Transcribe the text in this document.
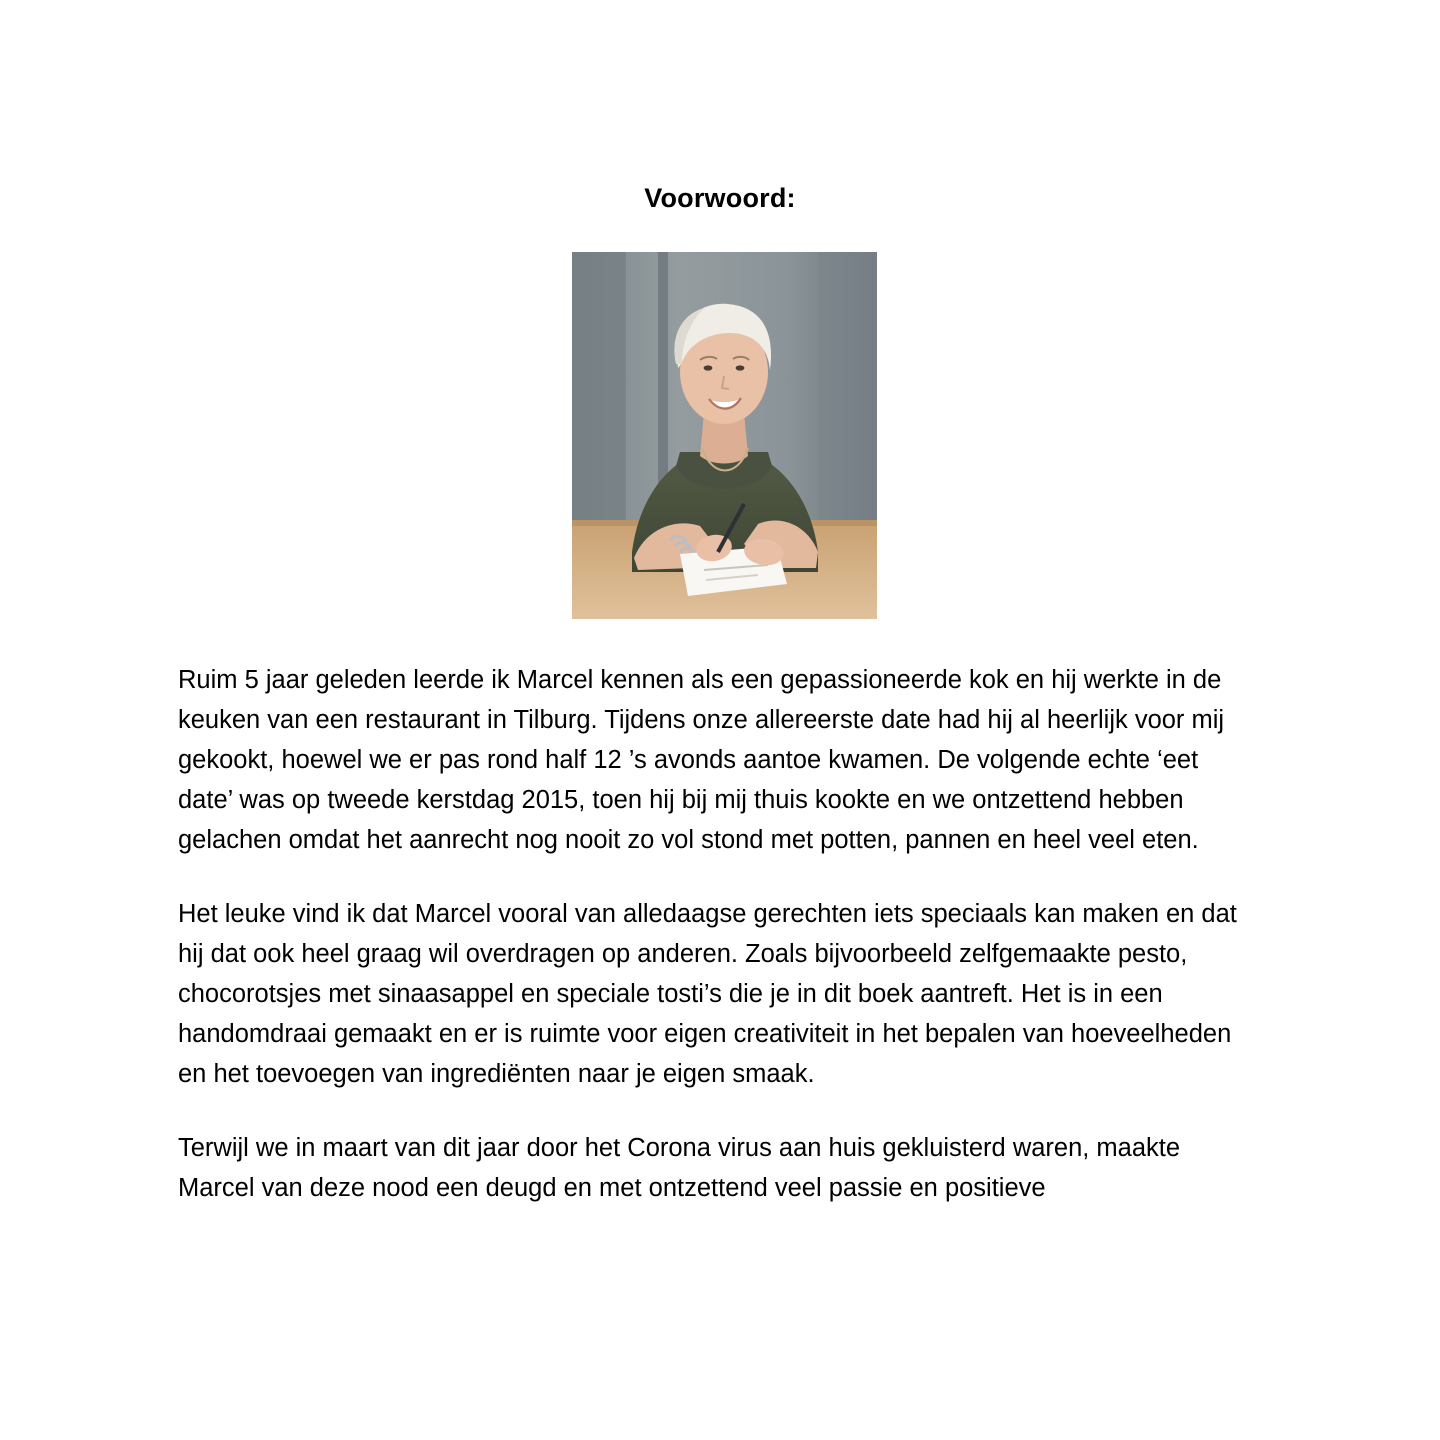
Voorwoord:

Ruim 5 jaar geleden leerde ik Marcel kennen als een gepassioneerde kok en hij werkte in de keuken van een restaurant in Tilburg. Tijdens onze allereerste date had hij al heerlijk voor mij gekookt, hoewel we er pas rond half 12 ’s avonds aantoe kwamen. De volgende echte ‘eet date’ was op tweede kerstdag 2015, toen hij bij mij thuis kookte en we ontzettend hebben gelachen omdat het aanrecht nog nooit zo vol stond met potten, pannen en heel veel eten.

Het leuke vind ik dat Marcel vooral van alledaagse gerechten iets speciaals kan maken en dat hij dat ook heel graag wil overdragen op anderen. Zoals bijvoorbeeld zelfgemaakte pesto, chocorotsjes met sinaasappel en speciale tosti’s die je in dit boek aantreft. Het is in een handomdraai gemaakt en er is ruimte voor eigen creativiteit in het bepalen van hoeveelheden en het toevoegen van ingrediënten naar je eigen smaak.

Terwijl we in maart van dit jaar door het Corona virus aan huis gekluisterd waren, maakte Marcel van deze nood een deugd en met ontzettend veel passie en positieve
